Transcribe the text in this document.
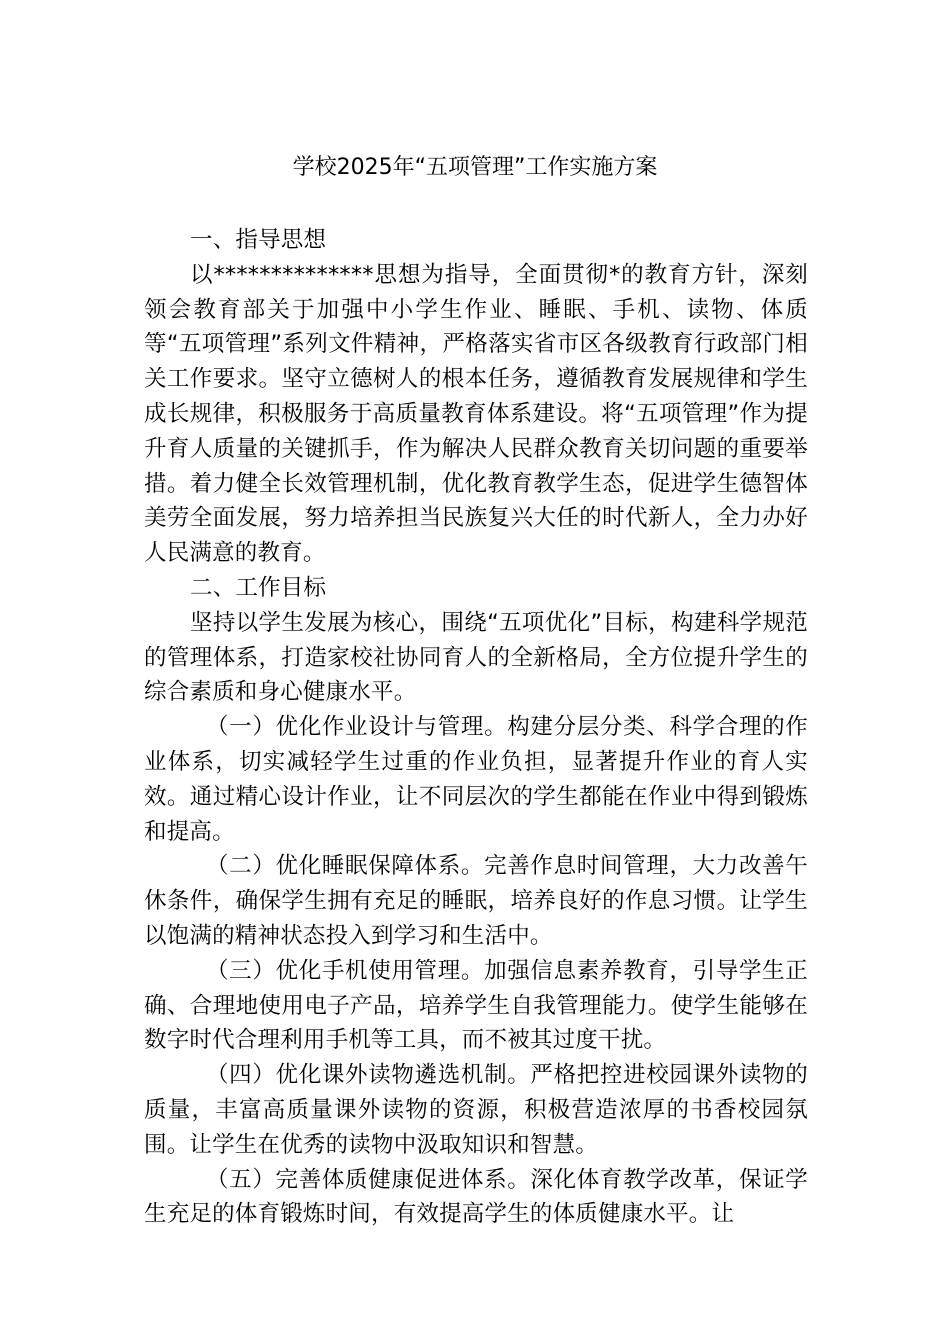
学校2025年“五项管理”工作实施方案

一、指导思想

以**************思想为指导，全面贯彻*的教育方针，深刻领会教育部关于加强中小学生作业、睡眠、手机、读物、体质等“五项管理”系列文件精神，严格落实省市区各级教育行政部门相关工作要求。坚守立德树人的根本任务，遵循教育发展规律和学生成长规律，积极服务于高质量教育体系建设。将“五项管理”作为提升育人质量的关键抓手，作为解决人民群众教育关切问题的重要举措。着力健全长效管理机制，优化教育教学生态，促进学生德智体美劳全面发展，努力培养担当民族复兴大任的时代新人，全力办好人民满意的教育。

二、工作目标

坚持以学生发展为核心，围绕“五项优化”目标，构建科学规范的管理体系，打造家校社协同育人的全新格局，全方位提升学生的综合素质和身心健康水平。

（一）优化作业设计与管理。构建分层分类、科学合理的作业体系，切实减轻学生过重的作业负担，显著提升作业的育人实效。通过精心设计作业，让不同层次的学生都能在作业中得到锻炼和提高。

（二）优化睡眠保障体系。完善作息时间管理，大力改善午休条件，确保学生拥有充足的睡眠，培养良好的作息习惯。让学生以饱满的精神状态投入到学习和生活中。

（三）优化手机使用管理。加强信息素养教育，引导学生正确、合理地使用电子产品，培养学生自我管理能力。使学生能够在数字时代合理利用手机等工具，而不被其过度干扰。

（四）优化课外读物遴选机制。严格把控进校园课外读物的质量，丰富高质量课外读物的资源，积极营造浓厚的书香校园氛围。让学生在优秀的读物中汲取知识和智慧。

（五）完善体质健康促进体系。深化体育教学改革，保证学生充足的体育锻炼时间，有效提高学生的体质健康水平。让
